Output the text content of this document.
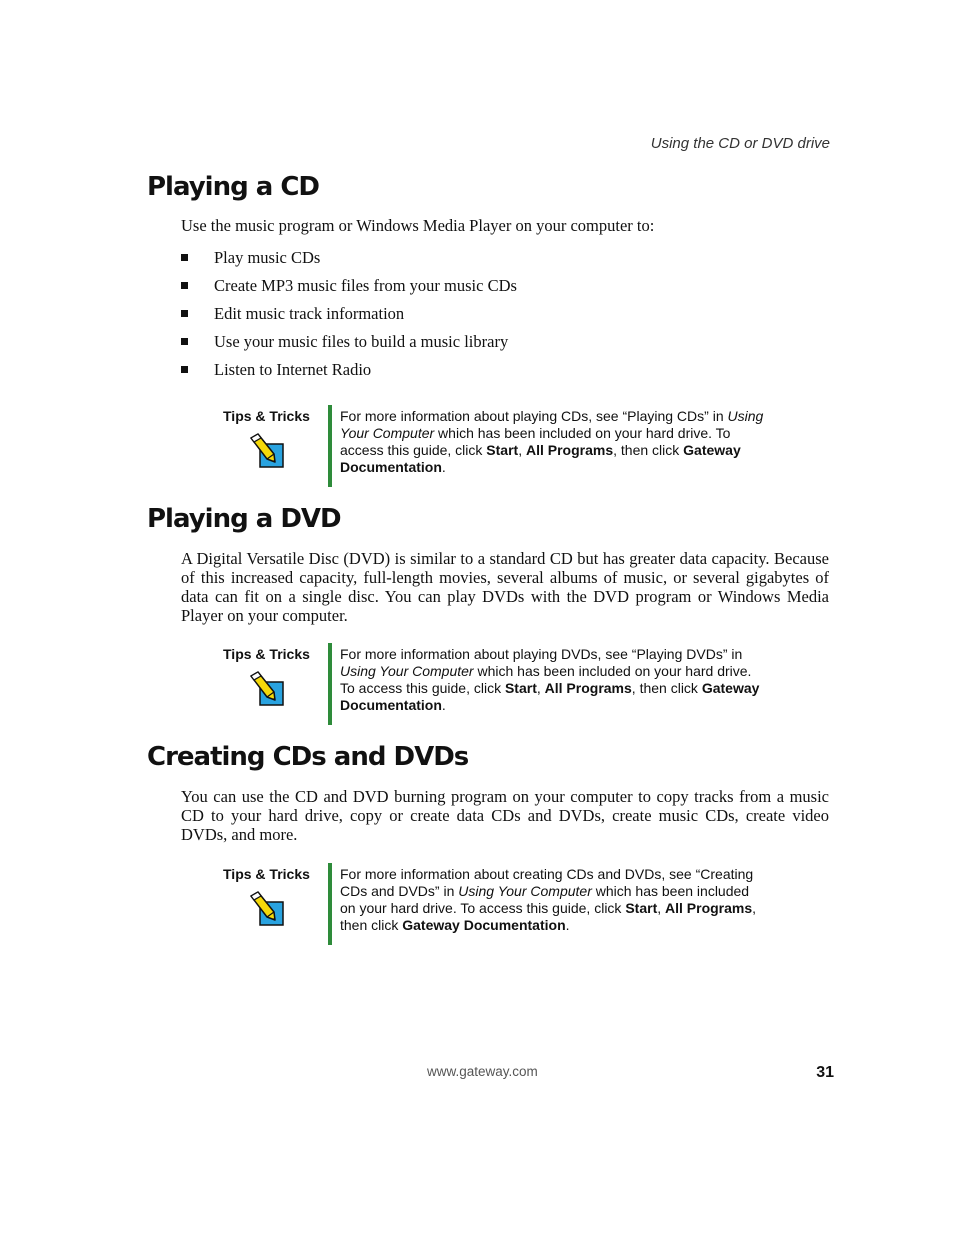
Using the CD or DVD drive
Playing a CD

Use the music program or Windows Media Player on your computer to:

Play music CDs
Create MP3 music files from your music CDs
Edit music track information
Use your music files to build a music library
Listen to Internet Radio
Tips & Tricks For more information about playing CDs, see “Playing CDs” in Using
Your Computer which has been included on your hard drive. To
access this guide, click Start, All Programs, then click Gateway
Documentation.
Playing a DVD

A Digital Versatile Disc (DVD) is similar to a standard CD but has greater data capacity. Because of this increased capacity, full-length movies, several albums of music, or several gigabytes of data can fit on a single disc. You can play DVDs with the DVD program or Windows Media Player on your computer.

Tips & Tricks For more information about playing DVDs, see “Playing DVDs” in
Using Your Computer which has been included on your hard drive.
To access this guide, click Start, All Programs, then click Gateway
Documentation.
Creating CDs and DVDs

You can use the CD and DVD burning program on your computer to copy tracks from a music CD to your hard drive, copy or create data CDs and DVDs, create music CDs, create video DVDs, and more.

Tips & Tricks For more information about creating CDs and DVDs, see “Creating
CDs and DVDs” in Using Your Computer which has been included
on your hard drive. To access this guide, click Start, All Programs,
then click Gateway Documentation.
www.gateway.com	31
